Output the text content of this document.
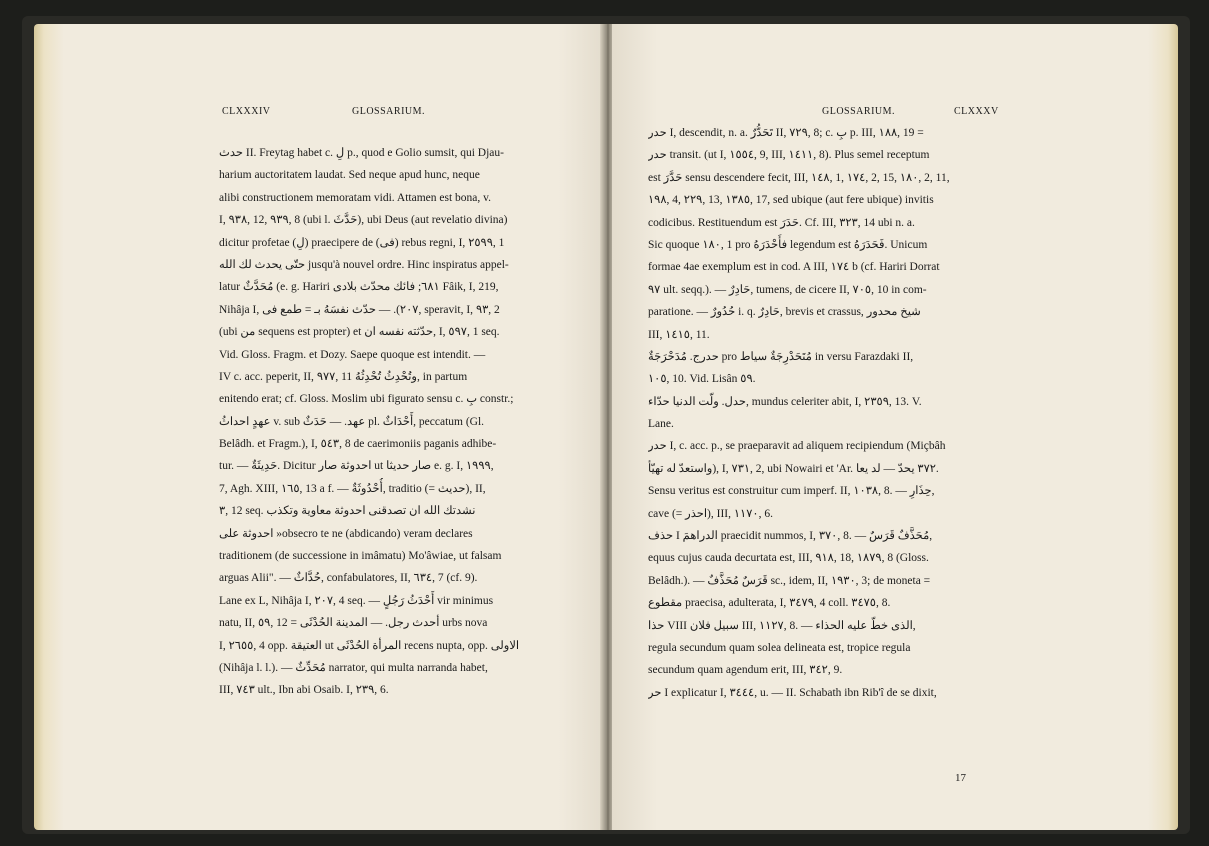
CLXXXIV	GLOSSARIUM.
حدث II. Freytag habet c. لِ p., quod e Golio sumsit, qui Djau-
harium auctoritatem laudat. Sed neque apud hunc, neque
alibi constructionem memoratam vidi. Attamen est bona, v.
I, ٩٣٨, 12, ٩٣٩, 8 (ubi l. حَدَّثَ), ubi Deus (aut revelatio divina)
dicitur profetae (لِ) praecipere de (فى) rebus regni, I, ٢٥٩٩, 1
حتّى يحدث لك الله jusqu'à nouvel ordre. Hinc inspiratus appel-
latur مُحَدَّثٌ (e. g. Hariri ٦٨١; فائك محدّث بلادى Fâik, I, 219,
Nihâja I, ٢٠٧). — حدّث نفسَهُ بـ = طمع فى, speravit, I, ٩٣, 2
(ubi من sequens est propter) et حدّثته نفسه ان, I, ٥٩٧, 1 seq.
Vid. Gloss. Fragm. et Dozy. Saepe quoque est intendit. —
IV c. acc. peperit, II, ٩٧٧, 11 وتُحْدِثُ تُحْدِثُهُ, in partum
enitendo erat; cf. Gloss. Moslim ubi figurato sensu c. بِ constr.;
عهدٍ احداثُ v. sub عهد. — حَدَثٌ pl. أَحْدَاثٌ, peccatum (Gl.
Belâdh. et Fragm.), I, ٥٤٣, 8 de caerimoniis paganis adhibe-
tur. — حَدِيثَةٌ. Dicitur احدوثة صار ut صار حديثا e. g. I, ١٩٩٩,
7, Agh. XIII, ١٦٥, 13 a f. — أُحْدُوثَةٌ, traditio (= حديث), II,
٣, 12 seq. نشدتك الله ان تصدقنى احدوثة معاوية وتكذب
احدوثة على »obsecro te ne (abdicando) veram declares
traditionem (de successione in imâmatu) Mo'âwiae, ut falsam
arguas Alii". — حُدَّاثٌ, confabulatores, II, ٦٣٤, 7 (cf. 9).
Lane ex L, Nihâja I, ٢٠٧, 4 seq. — أَحْدَثُ رَجُلٍ vir minimus
natu, II, ٥٩, 12 = أحدث رجل. — المدينة الحُدْثَى urbs nova
I, ٢٦٥٥, 4 opp. العتيقة ut المرأة الحُدْثَى recens nupta, opp. الاولى
(Nihâja l. l.). — مُحَدِّثٌ narrator, qui multa narranda habet,
III, ٧٤٣ ult., Ibn abi Osaib. I, ٢٣٩, 6.
GLOSSARIUM.	CLXXXV
حدر I, descendit, n. a. تَحَدُّرٌ II, ٧٢٩, 8; c. بِ p. III, ١٨٨, 19 =
حدر transit. (ut I, ١٥٥٤, 9, III, ١٤١١, 8). Plus semel receptum
est حَدَّرَ sensu descendere fecit, III, ١٤٨, 1, ١٧٤, 2, 15, ١٨٠, 2, 11,
١٩٨, 4, ٢٢٩, 13, ١٣٨٥, 17, sed ubique (aut fere ubique) invitis
codicibus. Restituendum est حَدَرَ. Cf. III, ٣٢٣, 14 ubi n. a.
Sic quoque ١٨٠, 1 pro فأَحْدَرَهُ legendum est فَحَدَرَهُ. Unicum
formae 4ae exemplum est in cod. A III, ١٧٤ b (cf. Hariri Dorrat
٩٧ ult. seqq.). — حَادِرٌ, tumens, de cicere II, ٧٠٥, 10 in com-
paratione. — حُدُورٌ i. q. حَادِرٌ, brevis et crassus, شيخ محدور
III, ١٤١٥, 11.
حدرج. مُدَحْرَجَةٌ pro مُتَحَدْرِجَةٌ سياط in versu Farazdaki II,
١٠٥, 10. Vid. Lisân ٥٩.
حدل. ولّت الدنيا حدّاء, mundus celeriter abit, I, ٢٣٥٩, 13. V.
Lane.
حدر I, c. acc. p., se praeparavit ad aliquem recipiendum (Miçbâh
واستعدّ له تهيّأ), I, ٧٣١, 2, ubi Nowairi et 'Ar. ٣٧٢ يحدّ — لد يعا.
Sensu veritus est construitur cum imperf. II, ١٠٣٨, 8. — حِذَارِ,
cave (= احذر), III, ١١٧٠, 6.
حذف I الدراهمَ praecidit nummos, I, ٣٧٠, 8. — مُحَذَّفٌ قَرَسٌ,
equus cujus cauda decurtata est, III, ٩١٨, 18, ١٨٧٩, 8 (Gloss.
Belâdh.). — قَرَسٌ مُحَذَّفٌ sc., idem, II, ١٩٣٠, 3; de moneta =
مقطوع praecisa, adulterata, I, ٣٤٧٩, 4 coll. ٣٤٧٥, 8.
حذا VIII سبيل فلان III, ١١٢٧, 8. — الذى خطّ عليه الحذاء,
regula secundum quam solea delineata est, tropice regula
secundum quam agendum erit, III, ٣٤٢, 9.
حر I explicatur I, ٣٤٤٤, u. — II. Schabath ibn Rib'î de se dixit,
17
